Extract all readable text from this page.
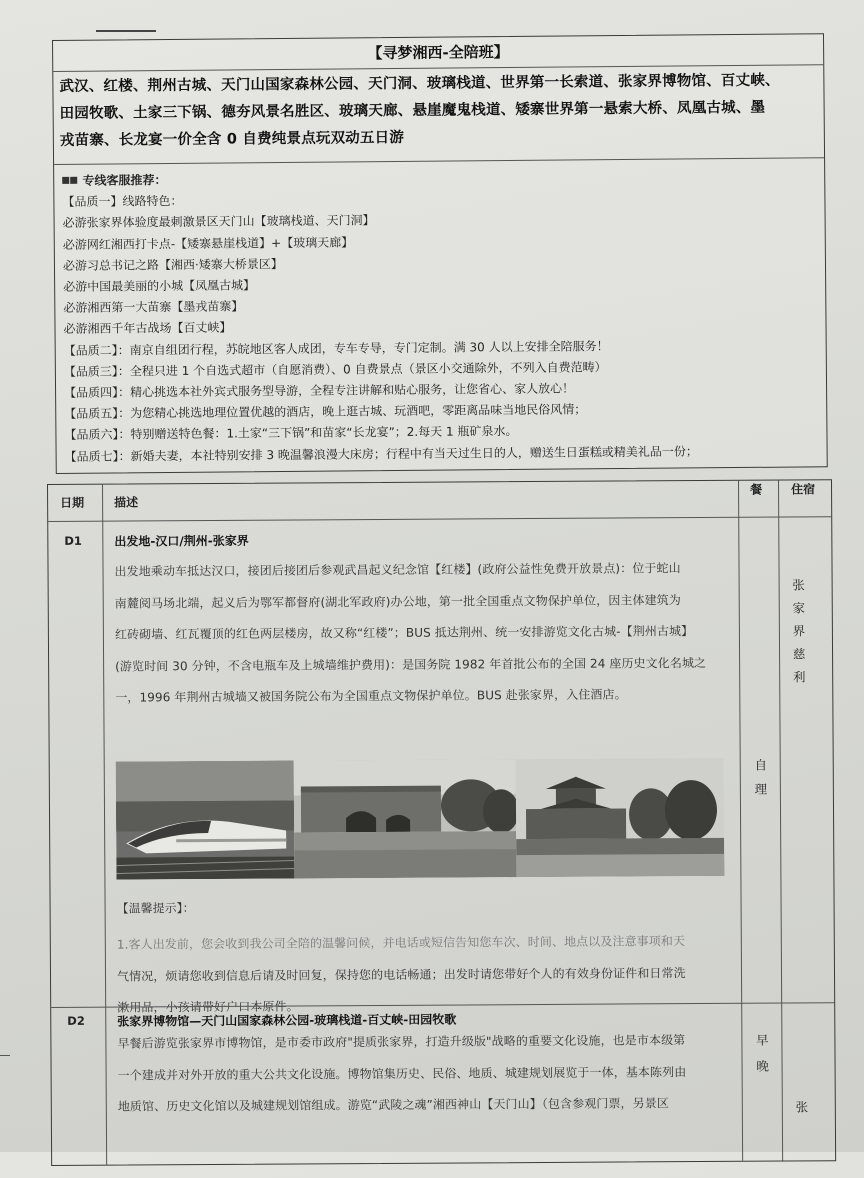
【寻梦湘西-全陪班】
武汉、红楼、荆州古城、天门山国家森林公园、天门洞、玻璃栈道、世界第一长索道、张家界博物馆、百丈峡、
田园牧歌、土家三下锅、德夯风景名胜区、玻璃天廊、悬崖魔鬼栈道、矮寨世界第一悬索大桥、凤凰古城、墨
戎苗寨、长龙宴一价全含 0 自费纯景点玩双动五日游
专线客服推荐：
【品质一】线路特色：
必游张家界体验度最刺激景区天门山【玻璃栈道、天门洞】
必游网红湘西打卡点-【矮寨悬崖栈道】+【玻璃天廊】
必游习总书记之路【湘西·矮寨大桥景区】
必游中国最美丽的小城【凤凰古城】
必游湘西第一大苗寨【墨戎苗寨】
必游湘西千年古战场【百丈峡】
【品质二】：南京自组团行程，苏皖地区客人成团，专车专导，专门定制。满 30 人以上安排全陪服务！
【品质三】：全程只进 1 个自选式超市（自愿消费）、0 自费景点（景区小交通除外，不列入自费范畴）
【品质四】：精心挑选本社外宾式服务型导游，全程专注讲解和贴心服务，让您省心、家人放心！
【品质五】：为您精心挑选地理位置优越的酒店，晚上逛古城、玩酒吧，零距离品味当地民俗风情；
【品质六】：特别赠送特色餐：1.土家“三下锅”和苗家“长龙宴”；2.每天 1 瓶矿泉水。
【品质七】：新婚夫妻，本社特别安排 3 晚温馨浪漫大床房；行程中有当天过生日的人，赠送生日蛋糕或精美礼品一份；
日期 描述
餐 住宿
D1	出发地-汉口/荆州-张家界
出发地乘动车抵达汉口，接团后接团后参观武昌起义纪念馆【红楼】(政府公益性免费开放景点)：位于蛇山
南麓阅马场北端，起义后为鄂军都督府(湖北军政府)办公地，第一批全国重点文物保护单位，因主体建筑为
红砖砌墙、红瓦覆顶的红色两层楼房，故又称“红楼”；BUS 抵达荆州、统一安排游览文化古城-【荆州古城】
(游览时间 30 分钟，不含电瓶车及上城墙维护费用)：是国务院 1982 年首批公布的全国 24 座历史文化名城之
一，1996 年荆州古城墙又被国务院公布为全国重点文物保护单位。BUS 赴张家界，入住酒店。
【温馨提示】：
1.客人出发前，您会收到我公司全陪的温馨问候，并电话或短信告知您车次、时间、地点以及注意事项和天
气情况，烦请您收到信息后请及时回复，保持您的电话畅通；出发时请您带好个人的有效身份证件和日常洗
漱用品，小孩请带好户口本原件。
自
理
张
家
界
慈
利
D2	张家界博物馆—天门山国家森林公园-玻璃栈道-百丈峡-田园牧歌
早餐后游览张家界市博物馆，是市委市政府"提质张家界，打造升级版"战略的重要文化设施，也是市本级第
一个建成并对外开放的重大公共文化设施。博物馆集历史、民俗、地质、城建规划展览于一体，基本陈列由
地质馆、历史文化馆以及城建规划馆组成。游览“武陵之魂”湘西神山【天门山】（包含参观门票，另景区
早
晚
张
